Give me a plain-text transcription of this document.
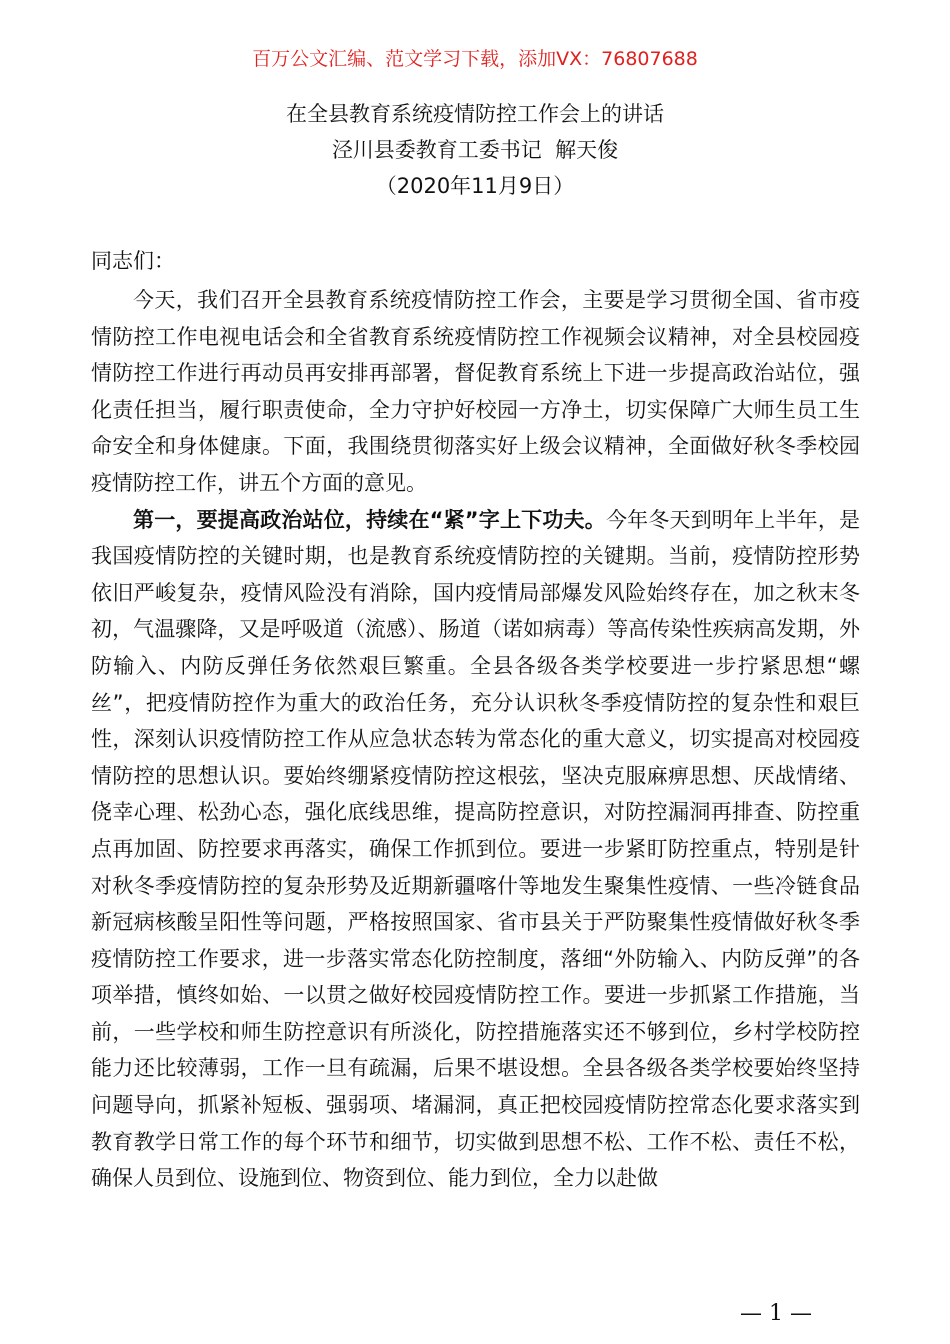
百万公文汇编、范文学习下载，添加VX：76807688
在全县教育系统疫情防控工作会上的讲话
泾川县委教育工委书记  解天俊
（2020年11月9日）
同志们：

今天，我们召开全县教育系统疫情防控工作会，主要是学习贯彻全国、省市疫情防控工作电视电话会和全省教育系统疫情防控工作视频会议精神，对全县校园疫情防控工作进行再动员再安排再部署，督促教育系统上下进一步提高政治站位，强化责任担当，履行职责使命，全力守护好校园一方净土，切实保障广大师生员工生命安全和身体健康。下面，我围绕贯彻落实好上级会议精神，全面做好秋冬季校园疫情防控工作，讲五个方面的意见。

第一，要提高政治站位，持续在“紧”字上下功夫。今年冬天到明年上半年，是我国疫情防控的关键时期，也是教育系统疫情防控的关键期。当前，疫情防控形势依旧严峻复杂，疫情风险没有消除，国内疫情局部爆发风险始终存在，加之秋末冬初，气温骤降，又是呼吸道（流感）、肠道（诺如病毒）等高传染性疾病高发期，外防输入、内防反弹任务依然艰巨繁重。全县各级各类学校要进一步拧紧思想“螺丝”，把疫情防控作为重大的政治任务，充分认识秋冬季疫情防控的复杂性和艰巨性，深刻认识疫情防控工作从应急状态转为常态化的重大意义，切实提高对校园疫情防控的思想认识。要始终绷紧疫情防控这根弦，坚决克服麻痹思想、厌战情绪、侥幸心理、松劲心态，强化底线思维，提高防控意识，对防控漏洞再排查、防控重点再加固、防控要求再落实，确保工作抓到位。要进一步紧盯防控重点，特别是针对秋冬季疫情防控的复杂形势及近期新疆喀什等地发生聚集性疫情、一些冷链食品新冠病核酸呈阳性等问题，严格按照国家、省市县关于严防聚集性疫情做好秋冬季疫情防控工作要求，进一步落实常态化防控制度，落细“外防输入、内防反弹”的各项举措，慎终如始、一以贯之做好校园疫情防控工作。要进一步抓紧工作措施，当前，一些学校和师生防控意识有所淡化，防控措施落实还不够到位，乡村学校防控能力还比较薄弱，工作一旦有疏漏，后果不堪设想。全县各级各类学校要始终坚持问题导向，抓紧补短板、强弱项、堵漏洞，真正把校园疫情防控常态化要求落实到教育教学日常工作的每个环节和细节，切实做到思想不松、工作不松、责任不松，确保人员到位、设施到位、物资到位、能力到位，全力以赴做

— 1 —
